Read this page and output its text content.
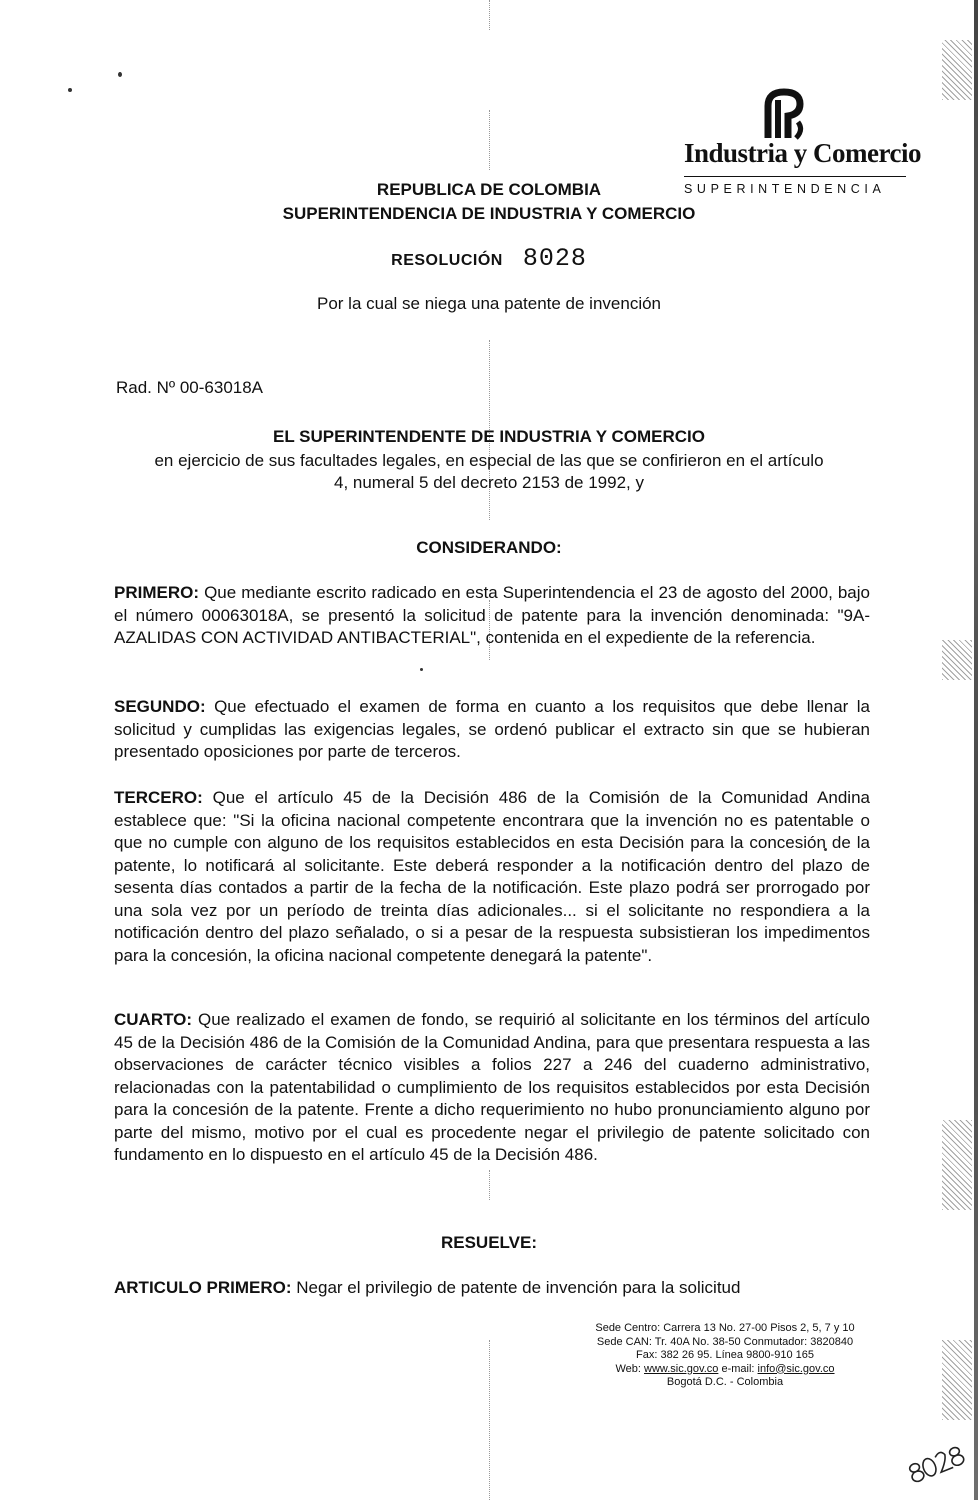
Industria y Comercio
SUPERINTENDENCIA
REPUBLICA DE COLOMBIA
SUPERINTENDENCIA DE INDUSTRIA Y COMERCIO
RESOLUCIÓN 8028
Por la cual se niega una patente de invención
Rad. Nº 00-63018A
EL SUPERINTENDENTE DE INDUSTRIA Y COMERCIO
en ejercicio de sus facultades legales, en especial de las que se confirieron en el artículo
4, numeral 5 del decreto 2153 de 1992, y
CONSIDERANDO:
PRIMERO: Que mediante escrito radicado en esta Superintendencia el 23 de agosto del 2000, bajo el número 00063018A, se presentó la solicitud de patente para la invención denominada: "9A-AZALIDAS CON ACTIVIDAD ANTIBACTERIAL", contenida en el expediente de la referencia.
SEGUNDO: Que efectuado el examen de forma en cuanto a los requisitos que debe llenar la solicitud y cumplidas las exigencias legales, se ordenó publicar el extracto sin que se hubieran presentado oposiciones por parte de terceros.
TERCERO: Que el artículo 45 de la Decisión 486 de la Comisión de la Comunidad Andina establece que: "Si la oficina nacional competente encontrara que la invención no es patentable o que no cumple con alguno de los requisitos establecidos en esta Decisión para la concesión de la patente, lo notificará al solicitante. Este deberá responder a la notificación dentro del plazo de sesenta días contados a partir de la fecha de la notificación. Este plazo podrá ser prorrogado por una sola vez por un período de treinta días adicionales... si el solicitante no respondiera a la notificación dentro del plazo señalado, o si a pesar de la respuesta subsistieran los impedimentos para la concesión, la oficina nacional competente denegará la patente".
CUARTO: Que realizado el examen de fondo, se requirió al solicitante en los términos del artículo 45 de la Decisión 486 de la Comisión de la Comunidad Andina, para que presentara respuesta a las observaciones de carácter técnico visibles a folios 227 a 246 del cuaderno administrativo, relacionadas con la patentabilidad o cumplimiento de los requisitos establecidos por esta Decisión para la concesión de la patente. Frente a dicho requerimiento no hubo pronunciamiento alguno por parte del mismo, motivo por el cual es procedente negar el privilegio de patente solicitado con fundamento en lo dispuesto en el artículo 45 de la Decisión 486.
RESUELVE:
ARTICULO PRIMERO: Negar el privilegio de patente de invención para la solicitud
Sede Centro: Carrera 13 No. 27-00 Pisos 2, 5, 7 y 10
Sede CAN: Tr. 40A No. 38-50 Conmutador: 3820840
Fax: 382 26 95. Línea 9800-910 165
Web: www.sic.gov.co e-mail: info@sic.gov.co
Bogotá D.C. - Colombia
